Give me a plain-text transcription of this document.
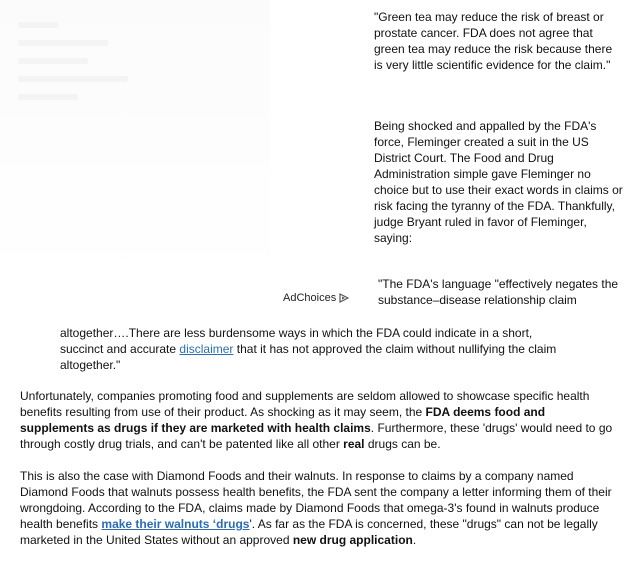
"Green tea may reduce the risk of breast or prostate cancer. FDA does not agree that green tea may reduce the risk because there is very little scientific evidence for the claim."

Being shocked and appalled by the FDA's force, Fleminger created a suit in the US District Court. The Food and Drug Administration simple gave Fleminger no choice but to use their exact words in claims or risk facing the tyranny of the FDA. Thankfully, judge Bryant ruled in favor of Fleminger, saying:

"The FDA's language "effectively negates the substance–disease relationship claim

AdChoices

altogether….There are less burdensome ways in which the FDA could indicate in a short, succinct and accurate disclaimer that it has not approved the claim without nullifying the claim altogether."

Unfortunately, companies promoting food and supplements are seldom allowed to showcase specific health benefits resulting from use of their product. As shocking as it may seem, the FDA deems food and supplements as drugs if they are marketed with health claims. Furthermore, these 'drugs' would need to go through costly drug trials, and can't be patented like all other real drugs can be.

This is also the case with Diamond Foods and their walnuts. In response to claims by a company named Diamond Foods that walnuts possess health benefits, the FDA sent the company a letter informing them of their wrongdoing. According to the FDA, claims made by Diamond Foods that omega-3's found in walnuts produce health benefits make their walnuts ‘drugs'. As far as the FDA is concerned, these "drugs" can not be legally marketed in the United States without an approved new drug application.
